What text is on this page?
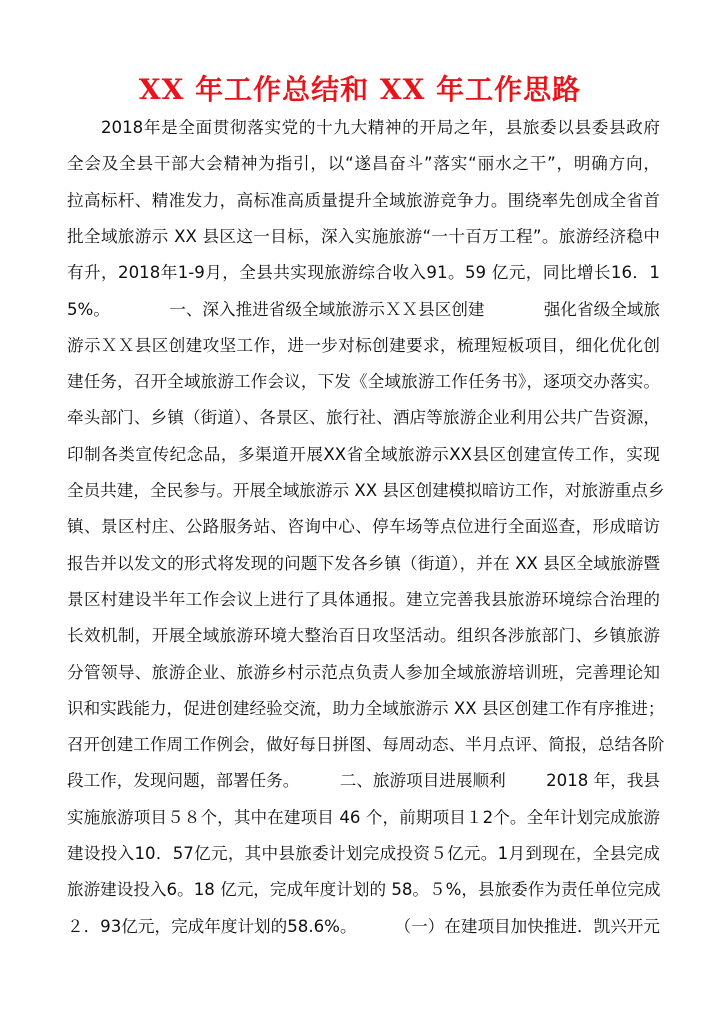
XX 年工作总结和 XX 年工作思路
2018年是全面贯彻落实党的十九大精神的开局之年，县旅委以县委县政府
全会及全县干部大会精神为指引，以“遂昌奋斗”落实“丽水之干”，明确方向，
拉高标杆、精准发力，高标准高质量提升全域旅游竞争力。围绕率先创成全省首
批全域旅游示 XX 县区这一目标，深入实施旅游“一十百万工程”。旅游经济稳中
有升，2018年1-9月，全县共实现旅游综合收入91。59 亿元，同比增长16．1
5%。	一、深入推进省级全域旅游示ＸＸ县区创建	强化省级全域旅
游示ＸＸ县区创建攻坚工作，进一步对标创建要求，梳理短板项目，细化优化创
建任务，召开全域旅游工作会议，下发《全域旅游工作任务书》，逐项交办落实。
牵头部门、乡镇（街道）、各景区、旅行社、酒店等旅游企业利用公共广告资源，
印制各类宣传纪念品，多渠道开展XX省全域旅游示XX县区创建宣传工作，实现
全员共建，全民参与。开展全域旅游示 XX 县区创建模拟暗访工作，对旅游重点乡
镇、景区村庄、公路服务站、咨询中心、停车场等点位进行全面巡查，形成暗访
报告并以发文的形式将发现的问题下发各乡镇（街道），并在 XX 县区全域旅游暨
景区村建设半年工作会议上进行了具体通报。建立完善我县旅游环境综合治理的
长效机制，开展全域旅游环境大整治百日攻坚活动。组织各涉旅部门、乡镇旅游
分管领导、旅游企业、旅游乡村示范点负责人参加全域旅游培训班，完善理论知
识和实践能力，促进创建经验交流，助力全域旅游示 XX 县区创建工作有序推进；
召开创建工作周工作例会，做好每日拼图、每周动态、半月点评、简报，总结各阶
段工作，发现问题，部署任务。 二、旅游项目进展顺利 2018 年，我县
实施旅游项目５８个，其中在建项目 46 个，前期项目１2个。全年计划完成旅游
建设投入10．57亿元，其中县旅委计划完成投资５亿元。1月到现在，全县完成
旅游建设投入6。18 亿元，完成年度计划的 58。５%，县旅委作为责任单位完成
２．93亿元，完成年度计划的58.6%。 （一）在建项目加快推进．凯兴开元
